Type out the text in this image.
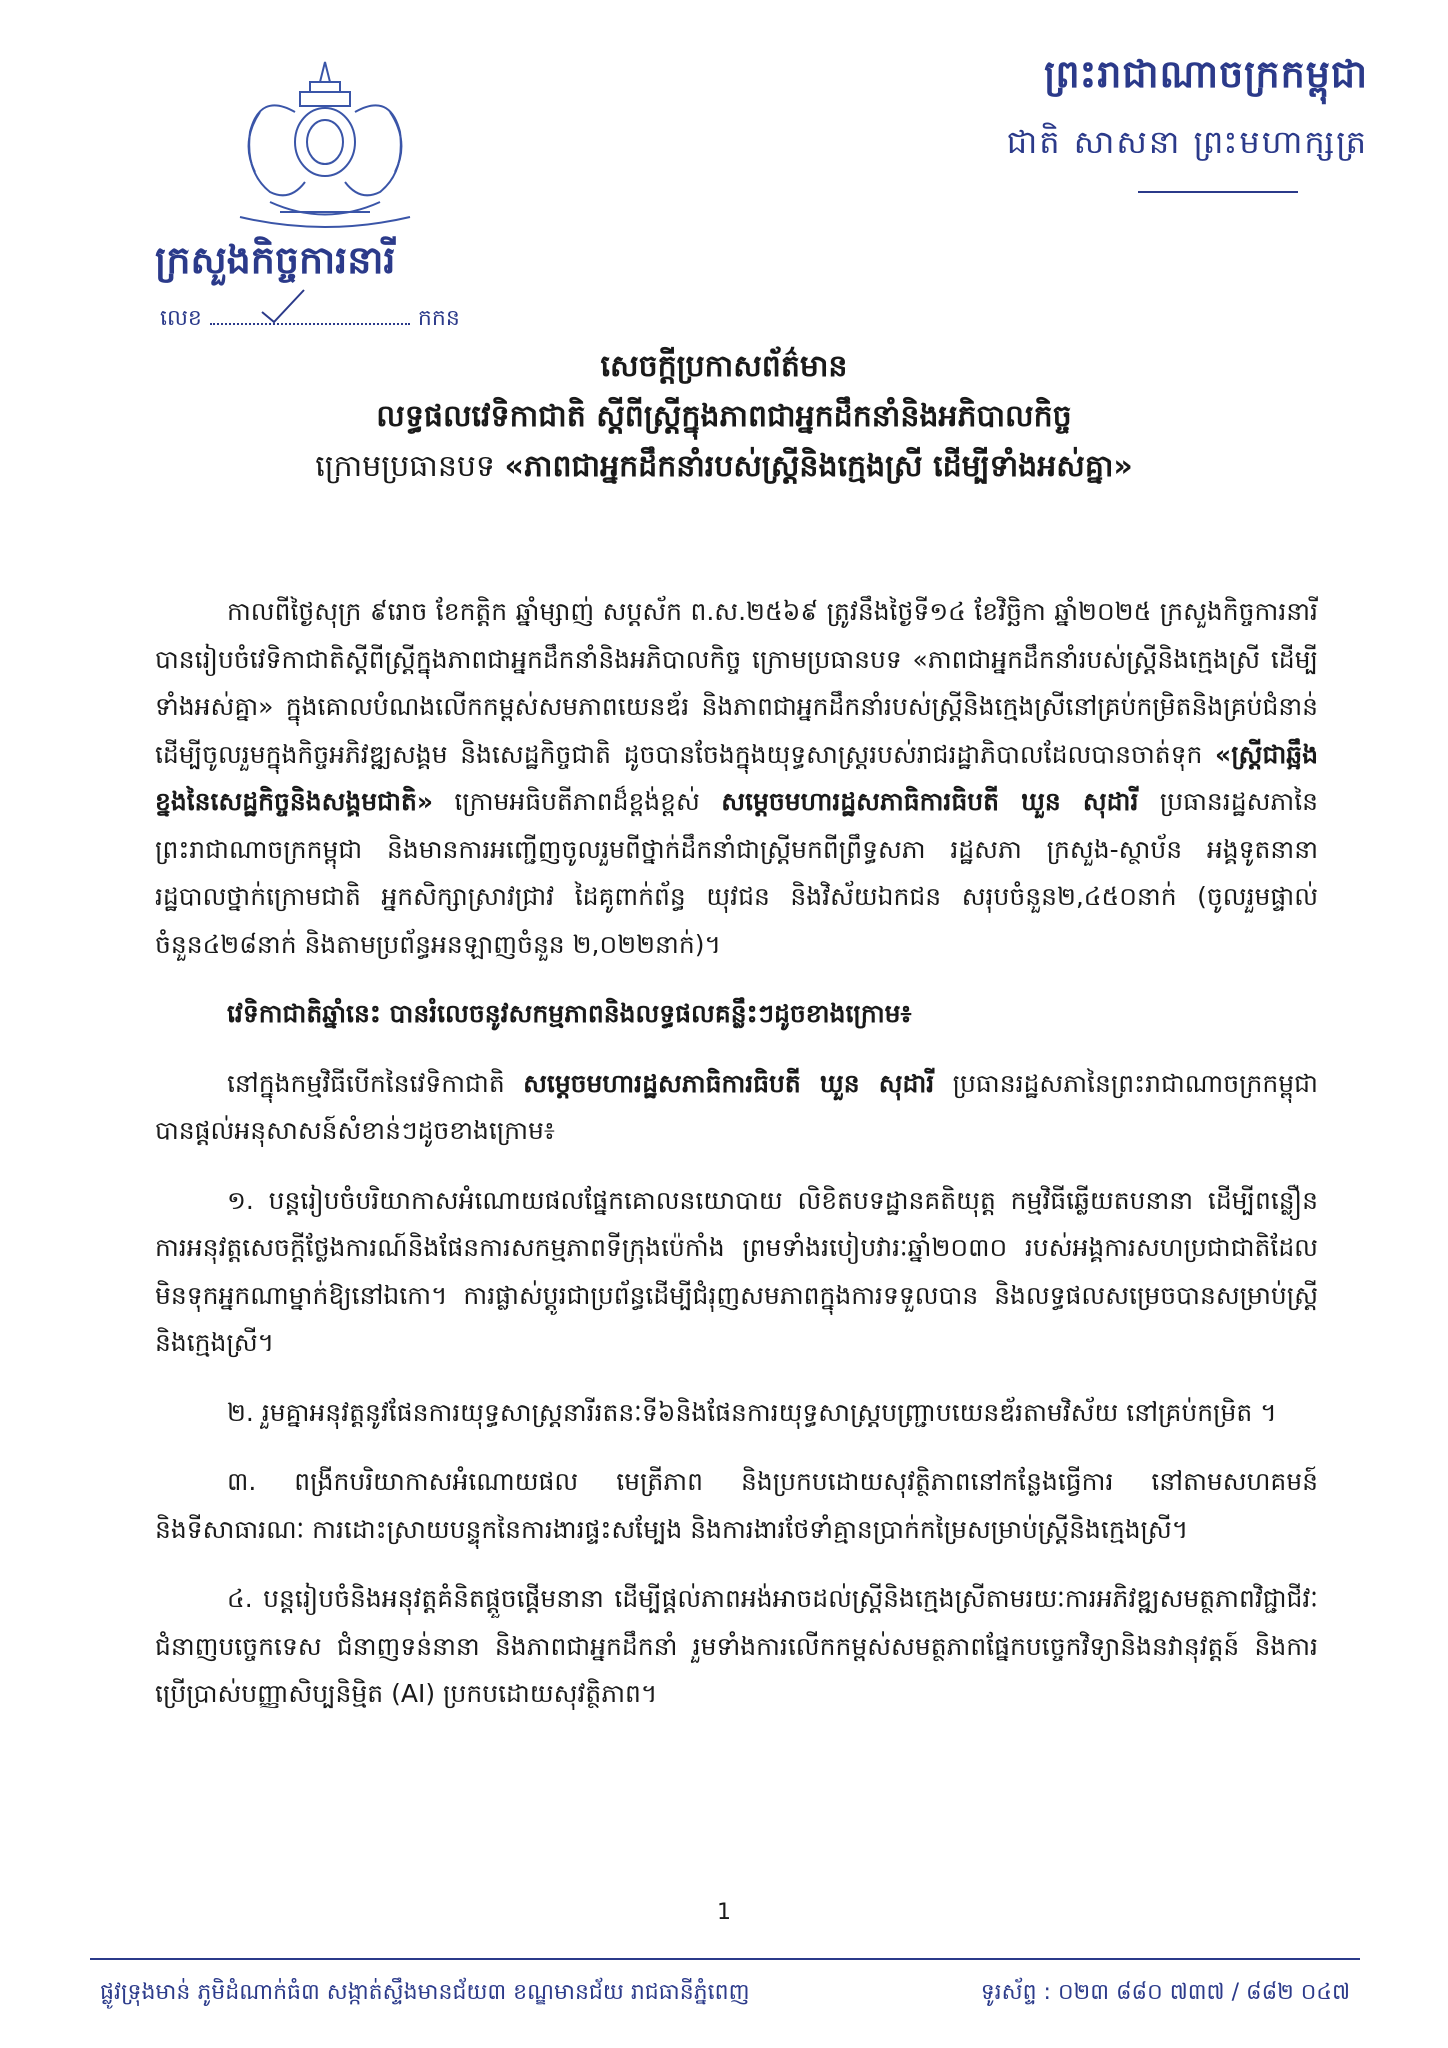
ព្រះរាជាណាចក្រកម្ពុជា
ជាតិ សាសនា ព្រះមហាក្សត្រ
ក្រសួងកិច្ចការនារី
លេខ	កកន
សេចក្តីប្រកាសព័ត៌មាន
លទ្ធផលវេទិកាជាតិ ស្តីពីស្ត្រីក្នុងភាពជាអ្នកដឹកនាំនិងអភិបាលកិច្ច
ក្រោមប្រធានបទ «ភាពជាអ្នកដឹកនាំរបស់ស្ត្រីនិងក្មេងស្រី ដើម្បីទាំងអស់គ្នា»

កាលពីថ្ងៃសុក្រ ៩រោច ខែកត្តិក ឆ្នាំម្សាញ់ សប្តស័ក ព.ស.២៥៦៩ ត្រូវនឹងថ្ងៃទី១៤ ខែវិច្ឆិកា ឆ្នាំ២០២៥ ក្រសួងកិច្ចការនារីបានរៀបចំវេទិកាជាតិស្តីពីស្ត្រីក្នុងភាពជាអ្នកដឹកនាំនិងអភិបាលកិច្ច ក្រោមប្រធានបទ «ភាពជាអ្នកដឹកនាំរបស់ស្ត្រីនិងក្មេងស្រី ដើម្បីទាំងអស់គ្នា» ក្នុងគោលបំណងលើកកម្ពស់សមភាពយេនឌ័រ និងភាពជាអ្នកដឹកនាំរបស់ស្ត្រីនិងក្មេងស្រីនៅគ្រប់កម្រិតនិងគ្រប់ជំនាន់ ដើម្បីចូលរួមក្នុងកិច្ចអភិវឌ្ឍសង្គម និងសេដ្ឋកិច្ចជាតិ ដូចបានចែងក្នុងយុទ្ធសាស្ត្ររបស់រាជរដ្ឋាភិបាលដែលបានចាត់ទុក «ស្ត្រីជាឆ្អឹងខ្នងនៃសេដ្ឋកិច្ចនិងសង្គមជាតិ» ក្រោមអធិបតីភាពដ៏ខ្ពង់ខ្ពស់ សម្តេចមហារដ្ឋសភាធិការធិបតី ឃួន សុដារី ប្រធានរដ្ឋសភានៃព្រះរាជាណាចក្រកម្ពុជា និងមានការអញ្ជើញចូលរួមពីថ្នាក់ដឹកនាំជាស្ត្រីមកពីព្រឹទ្ធសភា រដ្ឋសភា ក្រសួង-ស្ថាប័ន អង្គទូតនានា រដ្ឋបាលថ្នាក់ក្រោមជាតិ អ្នកសិក្សាស្រាវជ្រាវ ដៃគូពាក់ព័ន្ធ យុវជន និងវិស័យឯកជន សរុបចំនួន២,៤៥០នាក់ (ចូលរួមផ្ទាល់ចំនួន៤២៨នាក់ និងតាមប្រព័ន្ធអនឡាញចំនួន ២,០២២នាក់)។

វេទិកាជាតិឆ្នាំនេះ បានរំលេចនូវសកម្មភាពនិងលទ្ធផលគន្លឹះៗដូចខាងក្រោម៖

នៅក្នុងកម្មវិធីបើកនៃវេទិកាជាតិ សម្តេចមហារដ្ឋសភាធិការធិបតី ឃួន សុដារី ប្រធានរដ្ឋសភានៃព្រះរាជាណាចក្រកម្ពុជា បានផ្តល់អនុសាសន៍សំខាន់ៗដូចខាងក្រោម៖

១. បន្តរៀបចំបរិយាកាសអំណោយផលផ្នែកគោលនយោបាយ លិខិតបទដ្ឋានគតិយុត្ត កម្មវិធីឆ្លើយតបនានា ដើម្បីពន្លឿនការអនុវត្តសេចក្តីថ្លែងការណ៍និងផែនការសកម្មភាពទីក្រុងប៉េកាំង ព្រមទាំងរបៀបវារៈឆ្នាំ២០៣០ របស់អង្គការសហប្រជាជាតិដែលមិនទុកអ្នកណាម្នាក់ឱ្យនៅឯកោ។ ការផ្លាស់ប្តូរជាប្រព័ន្ធដើម្បីជំរុញសមភាពក្នុងការទទួលបាន និងលទ្ធផលសម្រេចបានសម្រាប់ស្ត្រីនិងក្មេងស្រី។

២. រួមគ្នាអនុវត្តនូវផែនការយុទ្ធសាស្ត្រនារីរតនៈទី៦និងផែនការយុទ្ធសាស្ត្របញ្ជ្រាបយេនឌ័រតាមវិស័យ នៅគ្រប់កម្រិត ។

៣. ពង្រីកបរិយាកាសអំណោយផល មេត្រីភាព និងប្រកបដោយសុវត្ថិភាពនៅកន្លែងធ្វើការ នៅតាមសហគមន៍ និងទីសាធារណៈ ការដោះស្រាយបន្ទុកនៃការងារផ្ទះសម្បែង និងការងារថែទាំគ្មានប្រាក់កម្រៃសម្រាប់ស្ត្រីនិងក្មេងស្រី។

៤. បន្តរៀបចំនិងអនុវត្តគំនិតផ្តួចផ្តើមនានា ដើម្បីផ្តល់ភាពអង់អាចដល់ស្ត្រីនិងក្មេងស្រីតាមរយៈការអភិវឌ្ឍសមត្ថភាពវិជ្ជាជីវៈ ជំនាញបច្ចេកទេស ជំនាញទន់នានា និងភាពជាអ្នកដឹកនាំ រួមទាំងការលើកកម្ពស់សមត្ថភាពផ្នែកបច្ចេកវិទ្យានិងនវានុវត្តន៍ និងការប្រើប្រាស់បញ្ញាសិប្បនិម្មិត (AI) ប្រកបដោយសុវត្ថិភាព។

1
ផ្លូវទ្រុងមាន់ ភូមិដំណាក់ធំ៣ សង្កាត់ស្ទឹងមានជ័យ៣ ខណ្ឌមានជ័យ រាជធានីភ្នំពេញ	ទូរស័ព្ទ : ០២៣ ៨៨០ ៧៣៧ / ៨៨២ ០៤៧
